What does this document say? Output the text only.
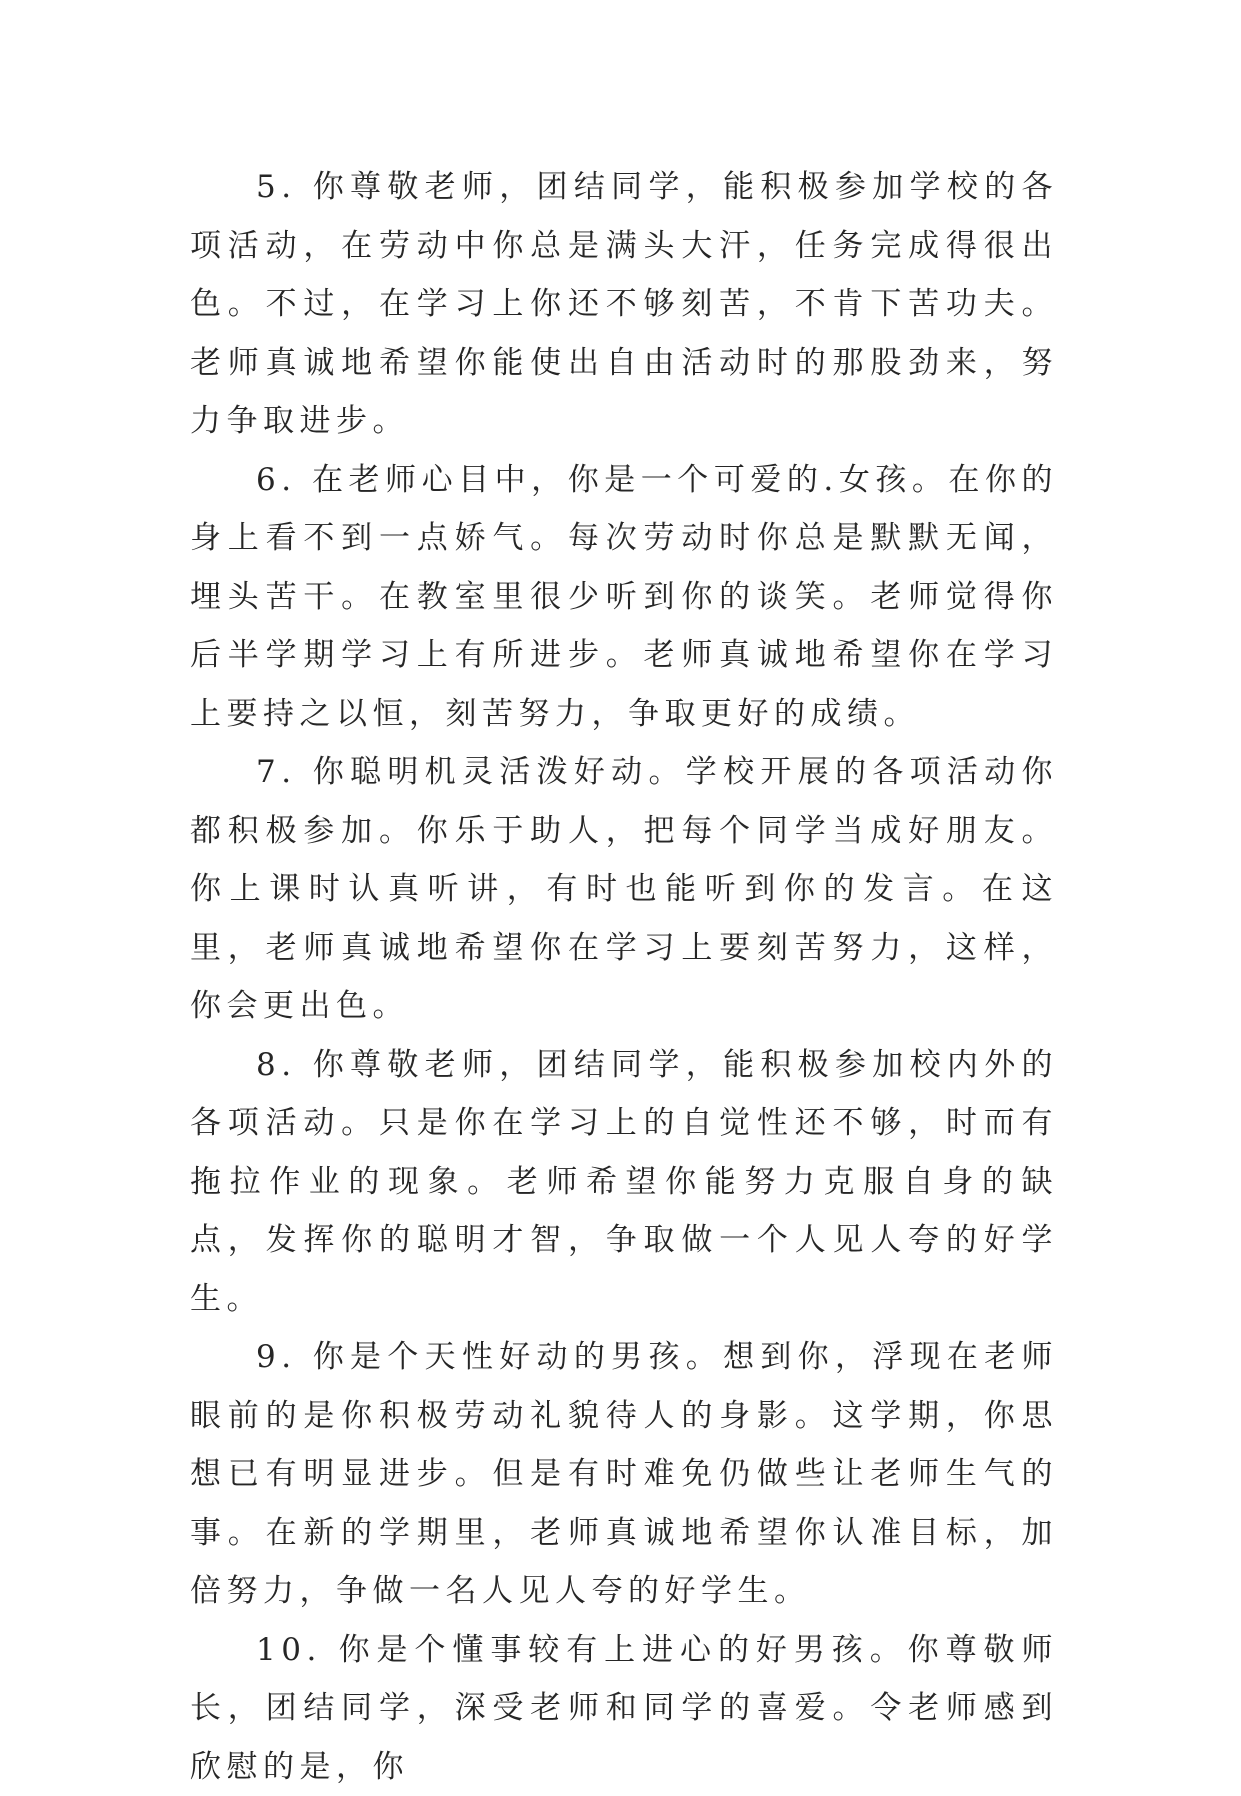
5. 你尊敬老师，团结同学，能积极参加学校的各项活动，在劳动中你总是满头大汗，任务完成得很出色。不过，在学习上你还不够刻苦，不肯下苦功夫。老师真诚地希望你能使出自由活动时的那股劲来，努力争取进步。

6. 在老师心目中，你是一个可爱的.女孩。在你的身上看不到一点娇气。每次劳动时你总是默默无闻，埋头苦干。在教室里很少听到你的谈笑。老师觉得你后半学期学习上有所进步。老师真诚地希望你在学习上要持之以恒，刻苦努力，争取更好的成绩。

7. 你聪明机灵活泼好动。学校开展的各项活动你都积极参加。你乐于助人，把每个同学当成好朋友。你上课时认真听讲，有时也能听到你的发言。在这里，老师真诚地希望你在学习上要刻苦努力，这样，你会更出色。

8. 你尊敬老师，团结同学，能积极参加校内外的各项活动。只是你在学习上的自觉性还不够，时而有拖拉作业的现象。老师希望你能努力克服自身的缺点，发挥你的聪明才智，争取做一个人见人夸的好学生。

9. 你是个天性好动的男孩。想到你，浮现在老师眼前的是你积极劳动礼貌待人的身影。这学期，你思想已有明显进步。但是有时难免仍做些让老师生气的事。在新的学期里，老师真诚地希望你认准目标，加倍努力，争做一名人见人夸的好学生。

10. 你是个懂事较有上进心的好男孩。你尊敬师长，团结同学，深受老师和同学的喜爱。令老师感到欣慰的是，你
